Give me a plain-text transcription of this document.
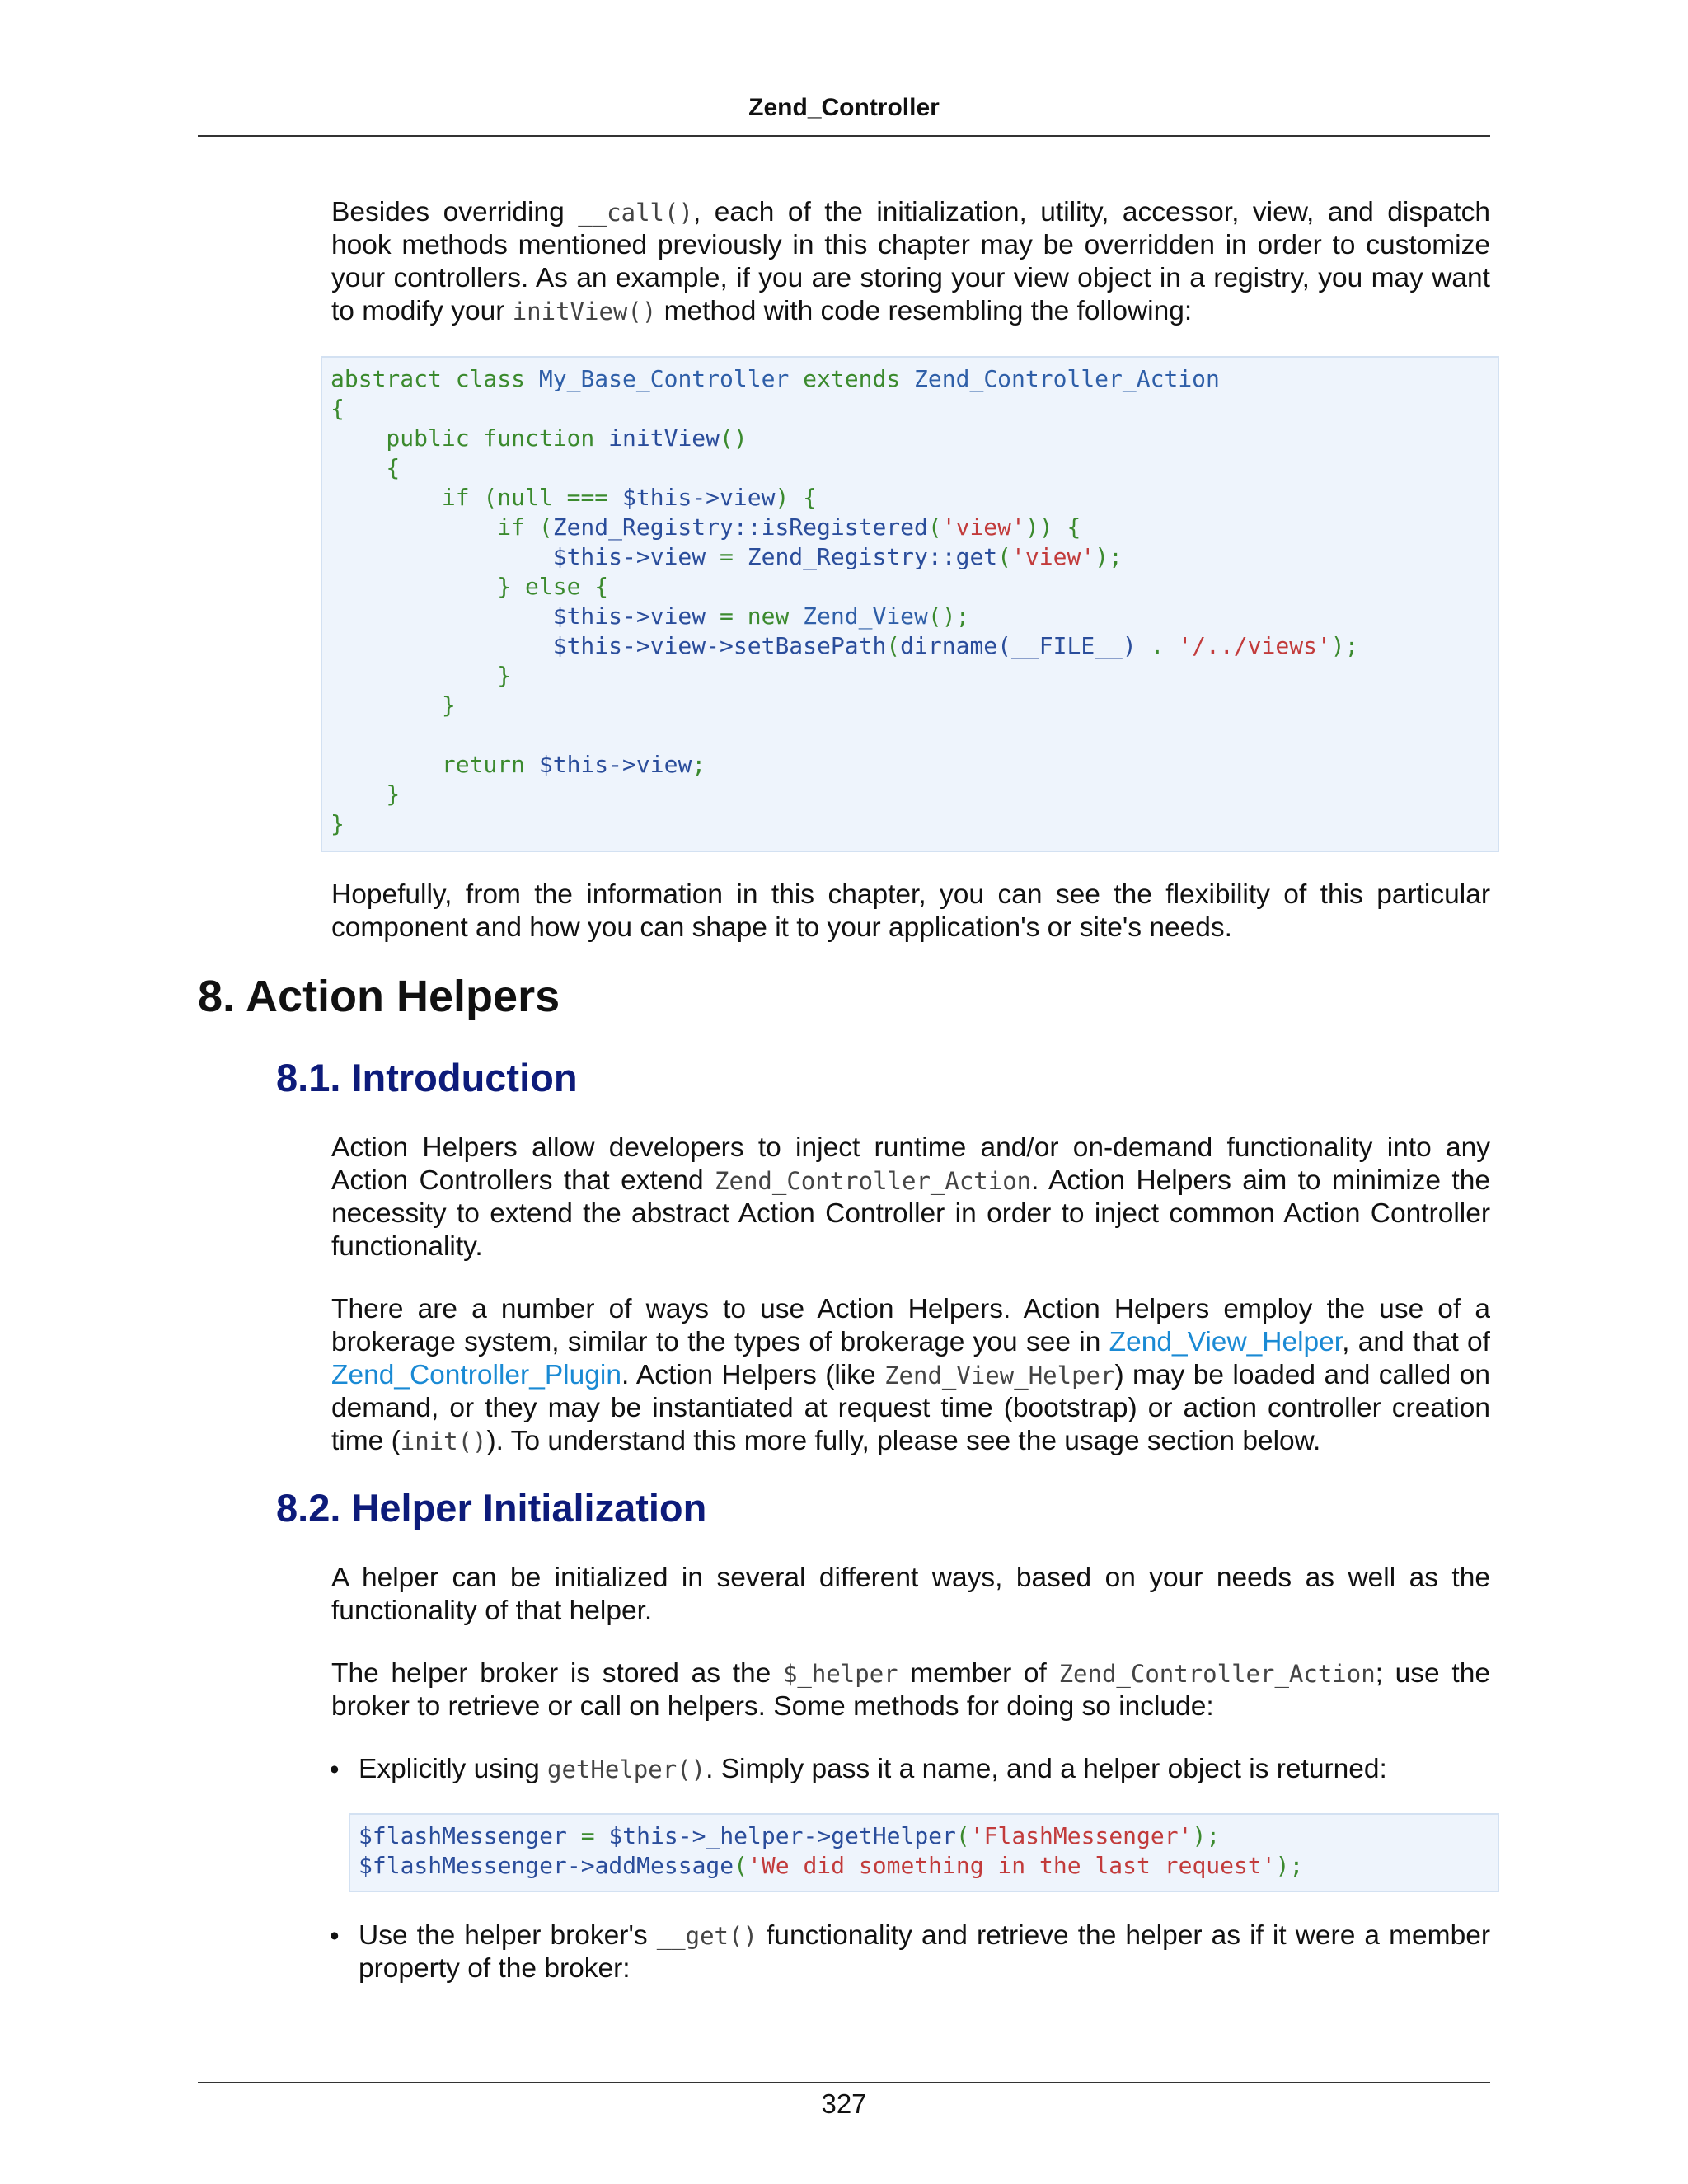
Zend_Controller

Besides overriding __call(), each of the initialization, utility, accessor, view, and dispatch hook methods mentioned previously in this chapter may be overridden in order to customize your controllers. As an example, if you are storing your view object in a registry, you may want to modify your initView() method with code resembling the following:

abstract class My_Base_Controller extends Zend_Controller_Action
{
public function initView()
{
if (null === $this->view) {
if (Zend_Registry::isRegistered('view')) {
$this->view = Zend_Registry::get('view');
} else {
$this->view = new Zend_View();
$this->view->setBasePath(dirname(__FILE__) . '/../views');
}
}
return $this->view;
}
}

Hopefully, from the information in this chapter, you can see the flexibility of this particular component and how you can shape it to your application's or site's needs.

8. Action Helpers
8.1. Introduction

Action Helpers allow developers to inject runtime and/or on-demand functionality into any Action Controllers that extend Zend_Controller_Action. Action Helpers aim to minimize the necessity to extend the abstract Action Controller in order to inject common Action Controller functionality.

There are a number of ways to use Action Helpers. Action Helpers employ the use of a brokerage system, similar to the types of brokerage you see in Zend_View_Helper, and that of Zend_Controller_Plugin. Action Helpers (like Zend_View_Helper) may be loaded and called on demand, or they may be instantiated at request time (bootstrap) or action controller creation time (init()). To understand this more fully, please see the usage section below.

8.2. Helper Initialization

A helper can be initialized in several different ways, based on your needs as well as the functionality of that helper.

The helper broker is stored as the $_helper member of Zend_Controller_Action; use the broker to retrieve or call on helpers. Some methods for doing so include:

• Explicitly using getHelper(). Simply pass it a name, and a helper object is returned:

$flashMessenger = $this->_helper->getHelper('FlashMessenger');
$flashMessenger->addMessage('We did something in the last request');
• Use the helper broker's __get() functionality and retrieve the helper as if it were a member property of the broker:

327
